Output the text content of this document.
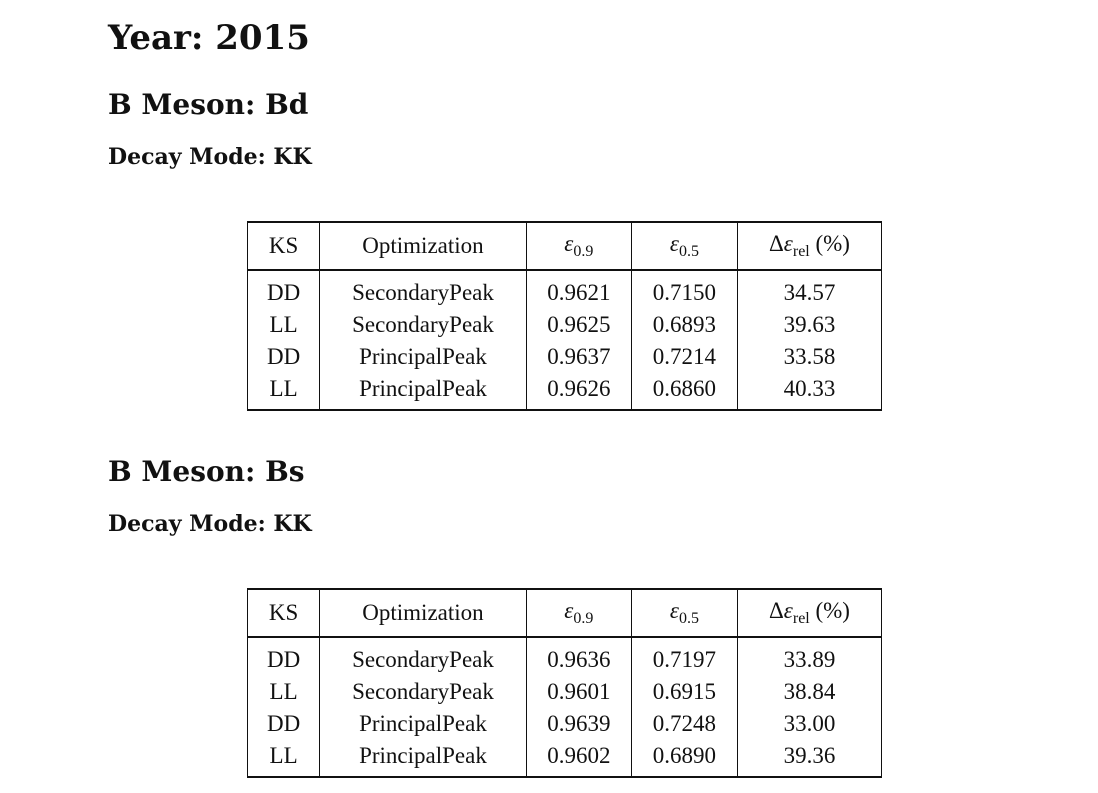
Year: 2015
B Meson: Bd
Decay Mode: KK
KS	Optimization	$\varepsilon_{0.9}$	$\varepsilon_{0.5}$	$\Delta\varepsilon_{rel}$ (%)
DD	SecondaryPeak	0.9621	0.7150	34.57
LL	SecondaryPeak	0.9625	0.6893	39.63
DD	PrincipalPeak	0.9637	0.7214	33.58
LL	PrincipalPeak	0.9626	0.6860	40.33
B Meson: Bs
Decay Mode: KK
KS	Optimization	$\varepsilon_{0.9}$	$\varepsilon_{0.5}$	$\Delta\varepsilon_{rel}$ (%)
DD	SecondaryPeak	0.9636	0.7197	33.89
LL	SecondaryPeak	0.9601	0.6915	38.84
DD	PrincipalPeak	0.9639	0.7248	33.00
LL	PrincipalPeak	0.9602	0.6890	39.36
